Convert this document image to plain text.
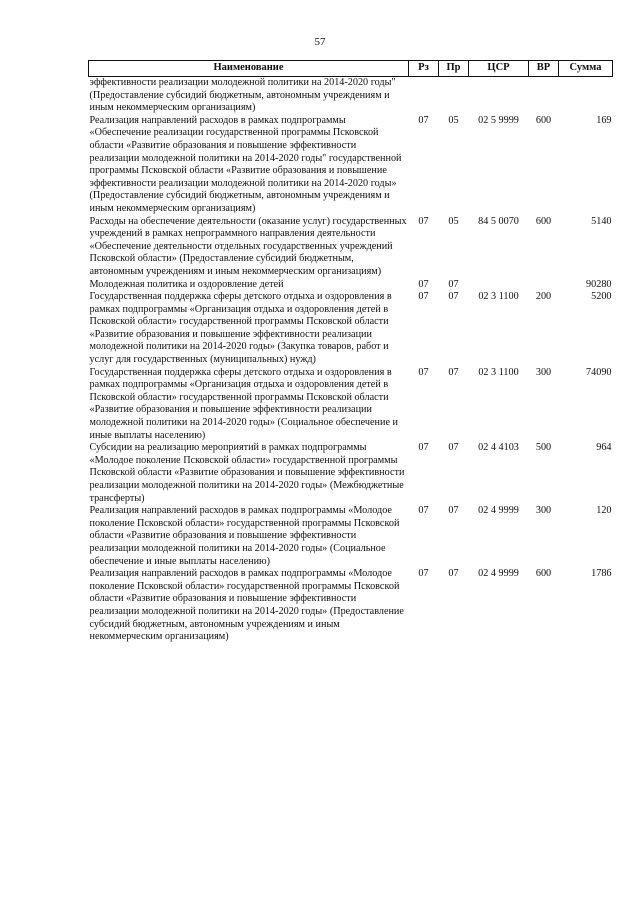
57
Наименование	Рз	Пр	ЦСР	ВР	Сумма
эффективности реализации молодежной политики на 2014-2020 годы" (Предоставление субсидий бюджетным, автономным учреждениям и иным некоммерческим организациям)					
Реализация направлений расходов в рамках подпрограммы «Обеспечение реализации государственной программы Псковской области «Развитие образования и повышение эффективности реализации молодежной политики на 2014-2020 годы" государственной программы Псковской области «Развитие образования и повышение эффективности реализации молодежной политики на 2014-2020 годы» (Предоставление субсидий бюджетным, автономным учреждениям и иным некоммерческим организациям)	07	05	02 5 9999	600	169
Расходы на обеспечение деятельности (оказание услуг) государственных учреждений в рамках непрограммного направления деятельности «Обеспечение деятельности отдельных государственных учреждений Псковской области» (Предоставление субсидий бюджетным, автономным учреждениям и иным некоммерческим организациям)	07	05	84 5 0070	600	5140
Молодежная политика и оздоровление детей	07	07			90280
Государственная поддержка сферы детского отдыха и оздоровления в рамках подпрограммы «Организация отдыха и оздоровления детей в Псковской области» государственной программы Псковской области «Развитие образования и повышение эффективности реализации молодежной политики на 2014-2020 годы» (Закупка товаров, работ и услуг для государственных (муниципальных) нужд)	07	07	02 3 1100	200	5200
Государственная поддержка сферы детского отдыха и оздоровления в рамках подпрограммы «Организация отдыха и оздоровления детей в Псковской области» государственной программы Псковской области «Развитие образования и повышение эффективности реализации молодежной политики на 2014-2020 годы» (Социальное обеспечение и иные выплаты населению)	07	07	02 3 1100	300	74090
Субсидии на реализацию мероприятий в рамках подпрограммы «Молодое поколение Псковской области» государственной программы Псковской области «Развитие образования и повышение эффективности реализации молодежной политики на 2014-2020 годы» (Межбюджетные трансферты)	07	07	02 4 4103	500	964
Реализация направлений расходов в рамках подпрограммы «Молодое поколение Псковской области» государственной программы Псковской области «Развитие образования и повышение эффективности реализации молодежной политики на 2014-2020 годы» (Социальное обеспечение и иные выплаты населению)	07	07	02 4 9999	300	120
Реализация направлений расходов в рамках подпрограммы «Молодое поколение Псковской области» государственной программы Псковской области «Развитие образования и повышение эффективности реализации молодежной политики на 2014-2020 годы» (Предоставление субсидий бюджетным, автономным учреждениям и иным некоммерческим организациям)	07	07	02 4 9999	600	1786
